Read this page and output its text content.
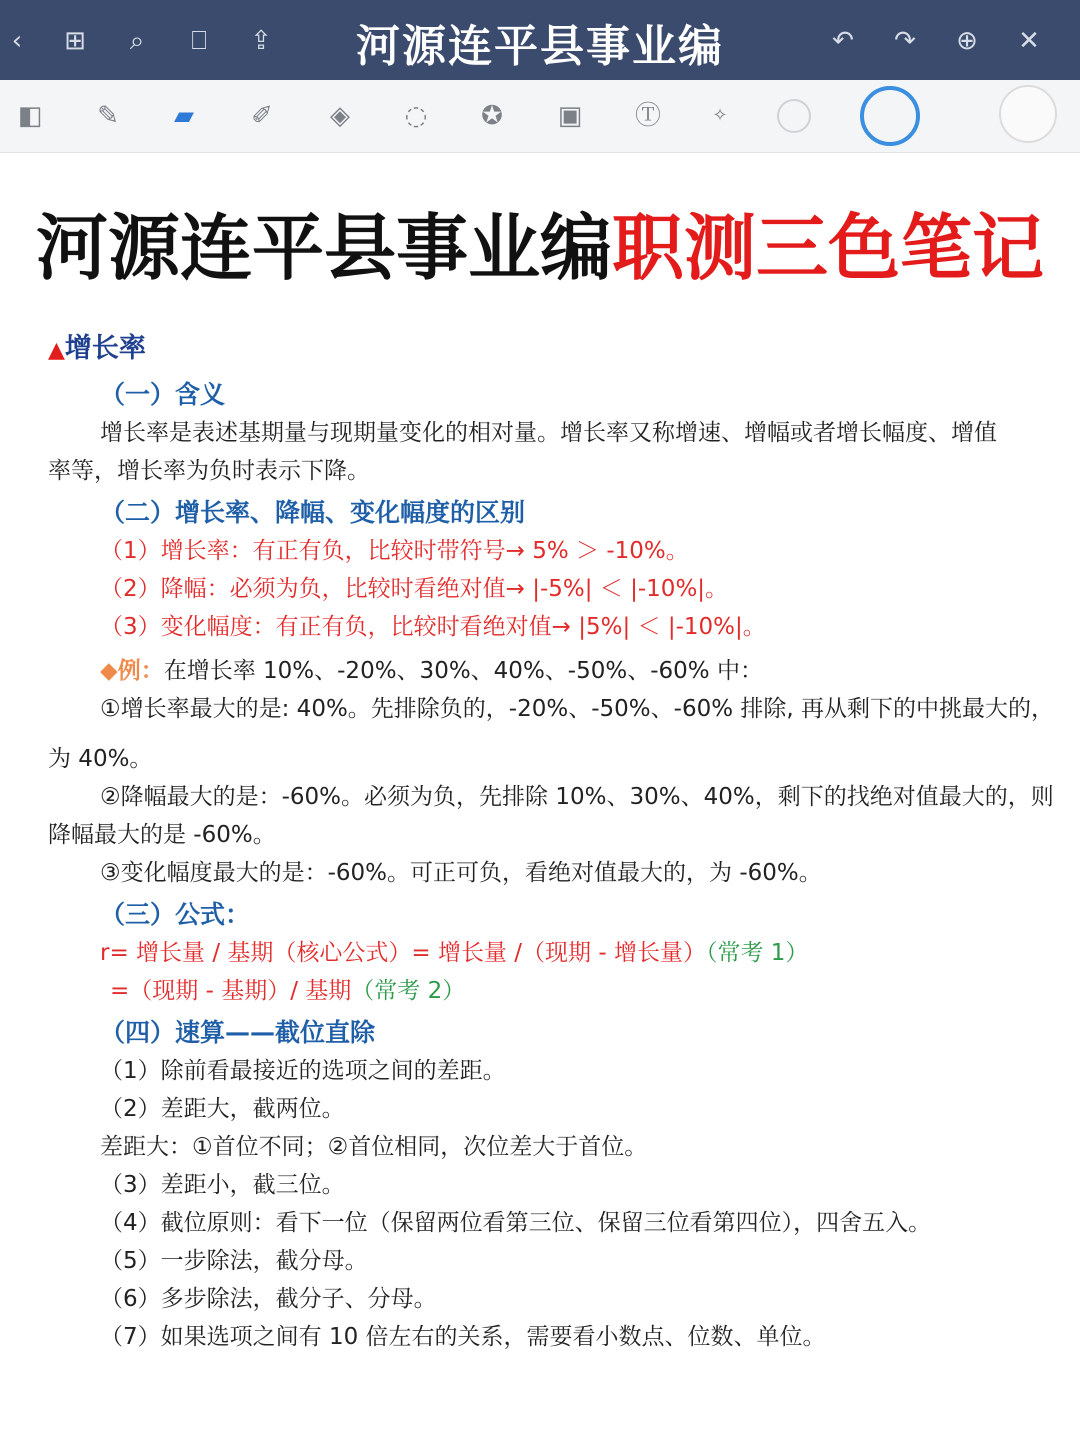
‹	⊞ ⌕ ⎕ ⇪	河源连平县事业编	↶ ↷ ⊕ ✕
◧	✎	▰	✐	◈	◌	✪	▣ Ⓣ	✧
河源连平县事业编职测三色笔记
▲增长率
（一）含义
增长率是表述基期量与现期量变化的相对量。增长率又称增速、增幅或者增长幅度、增值
率等，增长率为负时表示下降。
（二）增长率、降幅、变化幅度的区别
（1）增长率：有正有负，比较时带符号→ 5% ＞ -10%。
（2）降幅：必须为负，比较时看绝对值→ |-5%| ＜ |-10%|。
（3）变化幅度：有正有负，比较时看绝对值→ |5%| ＜ |-10%|。
◆例：在增长率 10%、-20%、30%、40%、-50%、-60% 中：
①增长率最大的是: 40%。先排除负的，-20%、-50%、-60% 排除, 再从剩下的中挑最大的，
为 40%。
②降幅最大的是：-60%。必须为负，先排除 10%、30%、40%，剩下的找绝对值最大的，则
降幅最大的是 -60%。
③变化幅度最大的是：-60%。可正可负，看绝对值最大的，为 -60%。
（三）公式：
r= 增长量 / 基期（核心公式）= 增长量 /（现期 - 增长量）（常考 1）
=（现期 - 基期）/ 基期（常考 2）
（四）速算——截位直除
（1）除前看最接近的选项之间的差距。
（2）差距大，截两位。
差距大：①首位不同；②首位相同，次位差大于首位。
（3）差距小，截三位。
（4）截位原则：看下一位（保留两位看第三位、保留三位看第四位），四舍五入。
（5）一步除法，截分母。
（6）多步除法，截分子、分母。
（7）如果选项之间有 10 倍左右的关系，需要看小数点、位数、单位。
